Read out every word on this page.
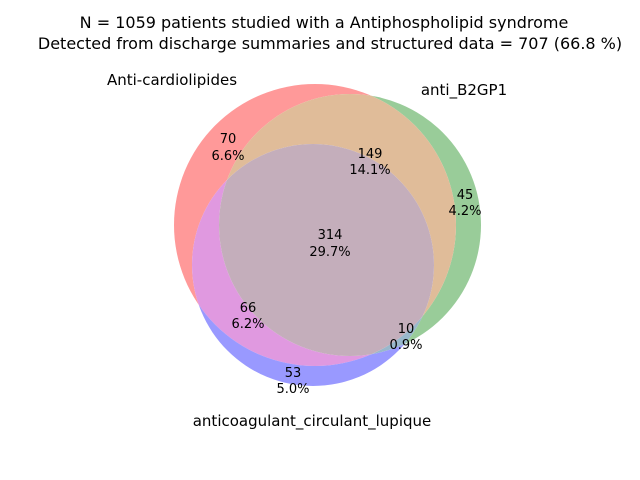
N = 1059 patients studied with a Antiphospholipid syndrome
Detected from discharge summaries and structured data = 707 (66.8 %)
Anti-cardiolipides
anti_B2GP1
anticoagulant_circulant_lupique
70
6.6%
45
4.2%
149
14.1%
66
6.2%	10
0.9%
53
5.0%
314
29.7%
